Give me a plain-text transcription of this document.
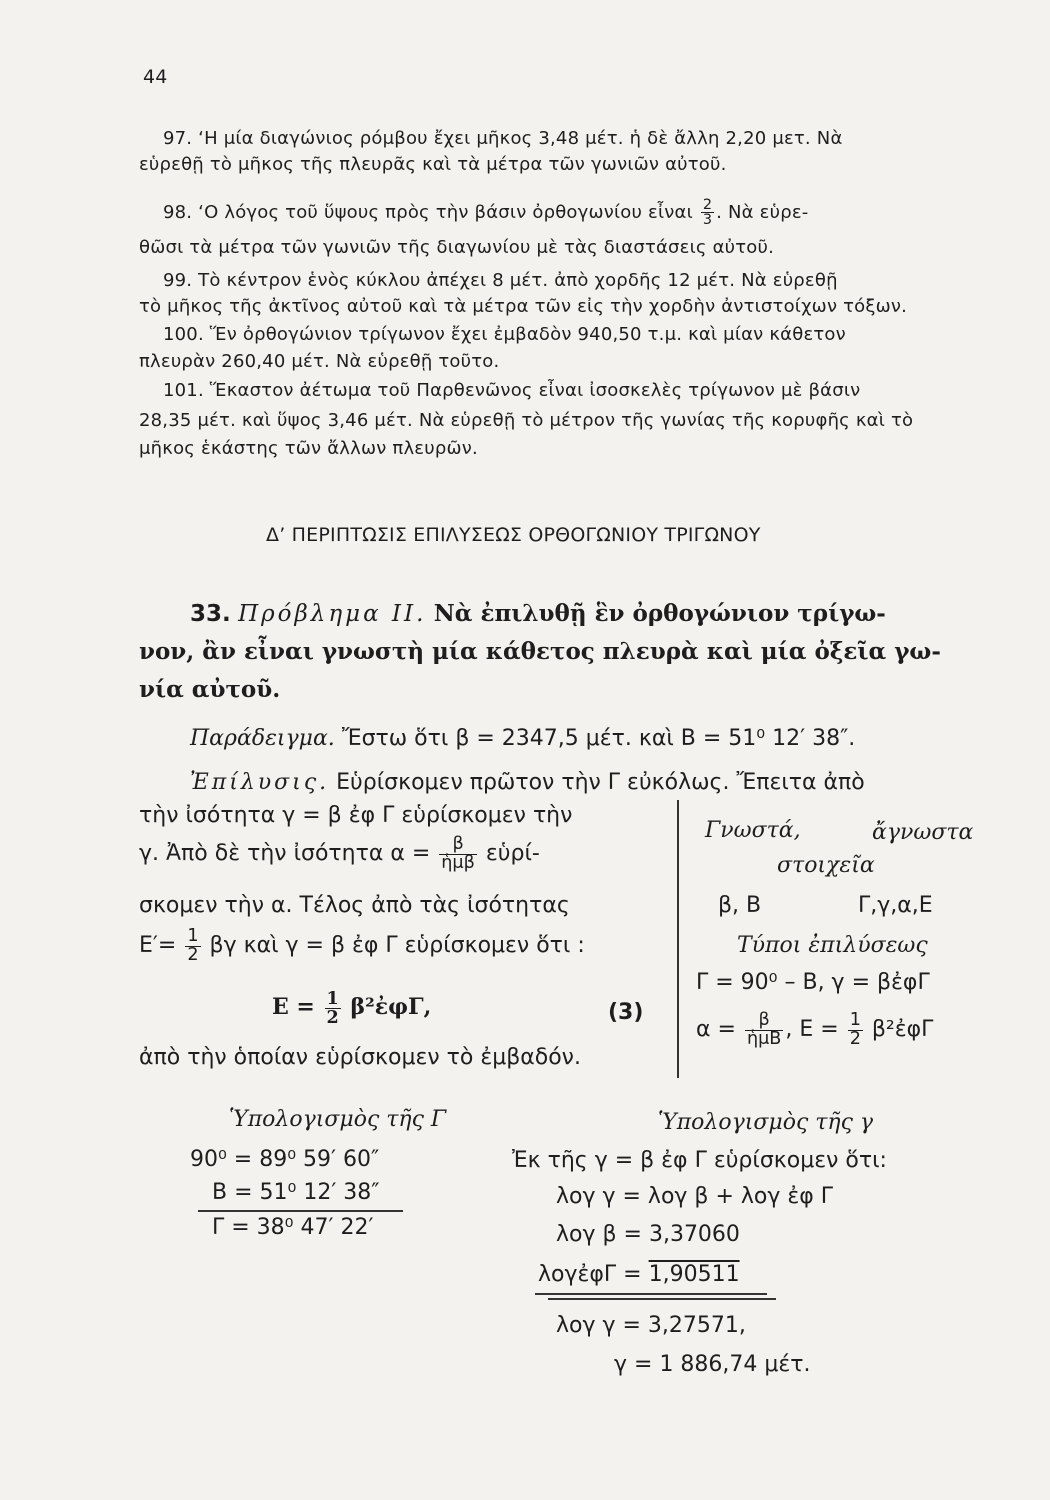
44
97. ‘Η μία διαγώνιος ρόμβου ἔχει μῆκος 3,48 μέτ. ἡ δὲ ἄλλη 2,20 μετ. Νὰ
εὑρεθῇ τὸ μῆκος τῆς πλευρᾶς καὶ τὰ μέτρα τῶν γωνιῶν αὐτοῦ.
98. ‘Ο λόγος τοῦ ὕψους πρὸς τὴν βάσιν ὀρθογωνίου εἶναι $\frac{2}{3}$ . Νὰ εὑρε-
θῶσι τὰ μέτρα τῶν γωνιῶν τῆς διαγωνίου μὲ τὰς διαστάσεις αὐτοῦ.
99. Τὸ κέντρον ἑνὸς κύκλου ἀπέχει 8 μέτ. ἀπὸ χορδῆς 12 μέτ. Νὰ εὑρεθῇ
τὸ μῆκος τῆς ἀκτῖνος αὐτοῦ καὶ τὰ μέτρα τῶν εἰς τὴν χορδὴν ἀντιστοίχων τόξων.
100. Ἕν ὀρθογώνιον τρίγωνον ἔχει ἐμβαδὸν 940,50 τ.μ. καὶ μίαν κάθετον
πλευρὰν 260,40 μέτ. Νὰ εὑρεθῇ τοῦτο.
101. Ἕκαστον ἀέτωμα τοῦ Παρθενῶνος εἶναι ἰσοσκελὲς τρίγωνον μὲ βάσιν
28,35 μέτ. καὶ ὕψος 3,46 μέτ. Νὰ εὑρεθῇ τὸ μέτρον τῆς γωνίας τῆς κορυφῆς καὶ τὸ
μῆκος ἑκάστης τῶν ἄλλων πλευρῶν.
Δ’ ΠΕΡΙΠΤΩΣΙΣ ΕΠΙΛΥΣΕΩΣ ΟΡΘΟΓΩΝΙΟΥ ΤΡΙΓΩΝΟΥ
33. Πρόβλημα ΙΙ. Νὰ ἐπιλυθῇ ἓν ὀρθογώνιον τρίγω-
νον, ἂν εἶναι γνωστὴ μία κάθετος πλευρὰ καὶ μία ὀξεῖα γω-
νία αὐτοῦ.
Παράδειγμα. Ἔστω ὅτι β = 2347,5 μέτ. καὶ Β = 51⁰ 12′ 38″.
Ἐπίλυσις. Εὑρίσκομεν πρῶτον τὴν Γ εὐκόλως. Ἔπειτα ἀπὸ
τὴν ἰσότητα γ = β ἐφ Γ εὑρίσκομεν τὴν
γ. Ἀπὸ δὲ τὴν ἰσότητα $\alpha = \frac{\beta}{\text{ἡμβ}}$ εὑρί-
σκομεν τὴν α. Τέλος ἀπὸ τὰς ἰσότητας
$E'= \frac{1}{2}$ βγ καὶ γ = β ἐφ Γ εὑρίσκομεν ὅτι :
$E = \frac{1}{2}$ β²ἐφΓ,	(3)
ἀπὸ τὴν ὁποίαν εὑρίσκομεν τὸ ἐμβαδόν.
Γνωστά,	ἄγνωστα
στοιχεῖα
β, Β	Γ,γ,α,Ε
Τύποι ἐπιλύσεως
Γ = 90⁰ – Β, γ = βἐφΓ
$\alpha = \frac{\beta}{\text{ἡμΒ}}$ , $E = \frac{1}{2}$ β²ἐφΓ
Ὑπολογισμὸς τῆς Γ
90⁰ = 89⁰ 59′ 60″
Β = 51⁰ 12′ 38″
Γ = 38⁰ 47′ 22′
Ὑπολογισμὸς τῆς γ
Ἐκ τῆς γ = β ἐφ Γ εὑρίσκομεν ὅτι:
λογ γ = λογ β + λογ ἐφ Γ
λογ β = 3,37060
λογἐφΓ = 1,90511
λογ γ = 3,27571,
γ = 1 886,74 μέτ.
